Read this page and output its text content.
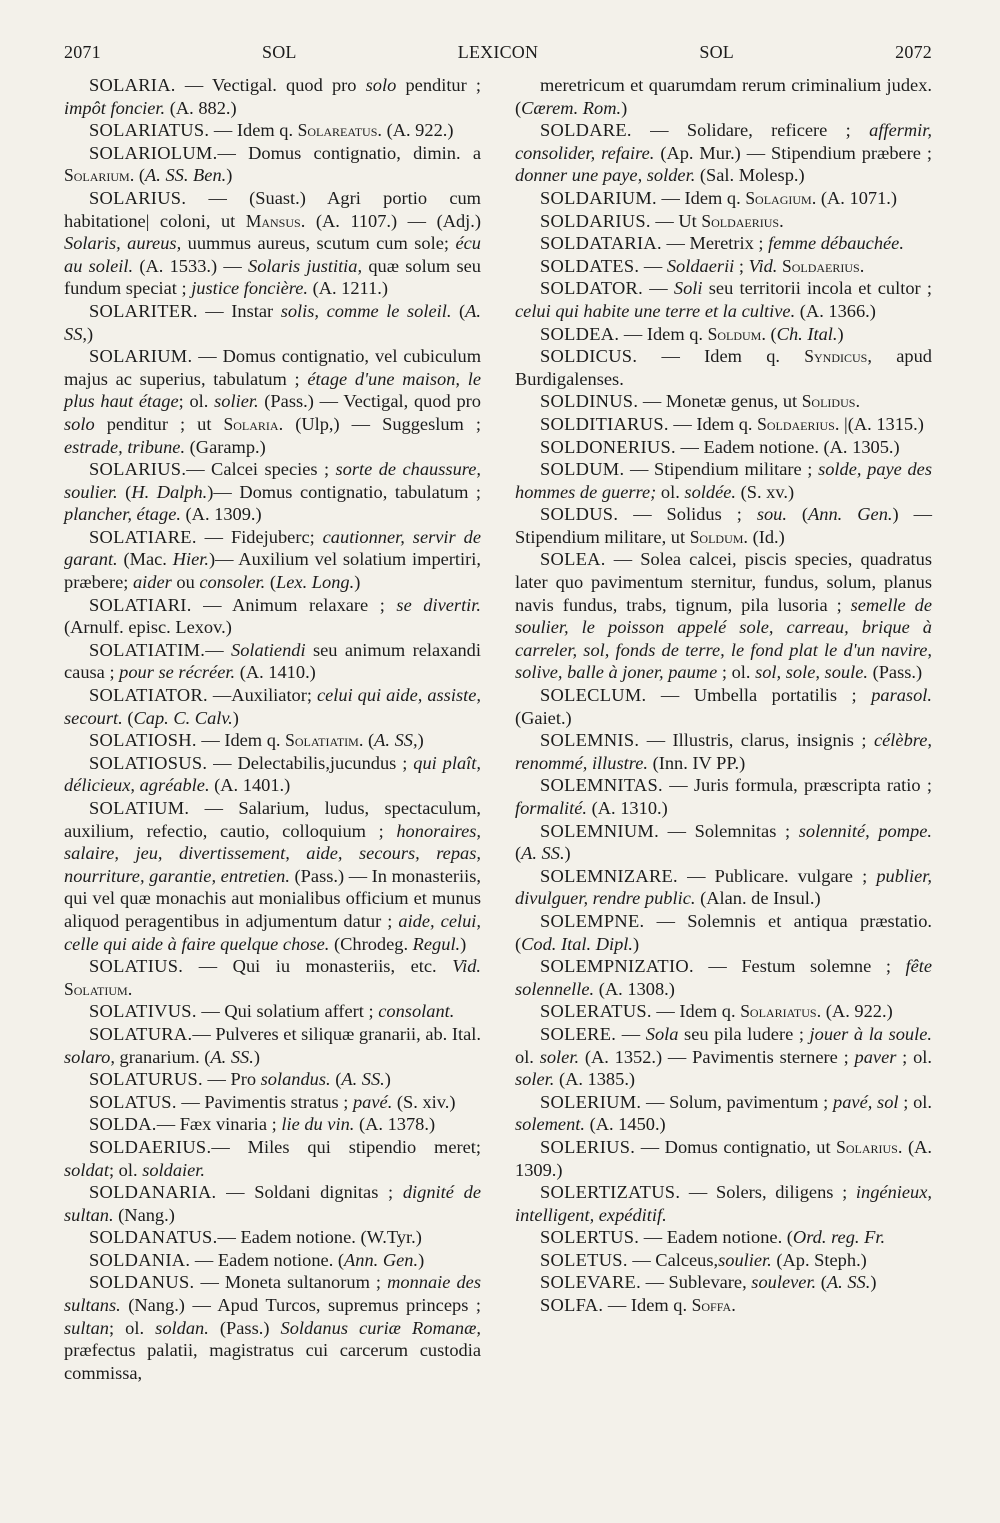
2071	SOL	LEXICON	SOL	2072

SOLARIA. — Vectigal. quod pro solo penditur ; impôt foncier. (A. 882.)

SOLARIATUS. — Idem q. Solareatus. (A. 922.)

SOLARIOLUM.— Domus contignatio, dimin. a Solarium. (A. SS. Ben.)

SOLARIUS. — (Suast.) Agri portio cum habitatione| coloni, ut Mansus. (A. 1107.) — (Adj.) Solaris, aureus, uummus aureus, scutum cum sole; écu au soleil. (A. 1533.) — Solaris justitia, quæ solum seu fundum speciat ; justice foncière. (A. 1211.)

SOLARITER. — Instar solis, comme le soleil. (A. SS,)

SOLARIUM. — Domus contignatio, vel cubiculum majus ac superius, tabulatum ; étage d'une maison, le plus haut étage; ol. solier. (Pass.) — Vectigal, quod pro solo penditur ; ut Solaria. (Ulp,) — Suggeslum ; estrade, tribune. (Garamp.)

SOLARIUS.— Calcei species ; sorte de chaussure, soulier. (H. Dalph.)— Domus contignatio, tabulatum ; plancher, étage. (A. 1309.)

SOLATIARE. — Fidejuberc; cautionner, servir de garant. (Mac. Hier.)— Auxilium vel solatium impertiri, præbere; aider ou consoler. (Lex. Long.)

SOLATIARI. — Animum relaxare ; se divertir. (Arnulf. episc. Lexov.)

SOLATIATIM.— Solatiendi seu animum relaxandi causa ; pour se récréer. (A. 1410.)

SOLATIATOR. —Auxiliator; celui qui aide, assiste, secourt. (Cap. C. Calv.)

SOLATIOSH. — Idem q. Solatiatim. (A. SS,)

SOLATIOSUS. — Delectabilis,jucundus ; qui plaît, délicieux, agréable. (A. 1401.)

SOLATIUM. — Salarium, ludus, spectaculum, auxilium, refectio, cautio, colloquium ; honoraires, salaire, jeu, divertissement, aide, secours, repas, nourriture, garantie, entretien. (Pass.) — In monasteriis, qui vel quæ monachis aut monialibus officium et munus aliquod peragentibus in adjumentum datur ; aide, celui, celle qui aide à faire quelque chose. (Chrodeg. Regul.)

SOLATIUS. — Qui iu monasteriis, etc. Vid. Solatium.

SOLATIVUS. — Qui solatium affert ; consolant.

SOLATURA.— Pulveres et siliquæ granarii, ab. Ital. solaro, granarium. (A. SS.)

SOLATURUS. — Pro solandus. (A. SS.)

SOLATUS. — Pavimentis stratus ; pavé. (S. xiv.)

SOLDA.— Fæx vinaria ; lie du vin. (A. 1378.)

SOLDAERIUS.— Miles qui stipendio meret; soldat; ol. soldaier.

SOLDANARIA. — Soldani dignitas ; dignité de sultan. (Nang.)

SOLDANATUS.— Eadem notione. (W.Tyr.)

SOLDANIA. — Eadem notione. (Ann. Gen.)

SOLDANUS. — Moneta sultanorum ; monnaie des sultans. (Nang.) — Apud Turcos, supremus princeps ; sultan; ol. soldan. (Pass.) Soldanus curiæ Romanæ, præfectus palatii, magistratus cui carcerum custodia commissa,

meretricum et quarumdam rerum criminalium judex. (Cærem. Rom.)

SOLDARE. — Solidare, reficere ; affermir, consolider, refaire. (Ap. Mur.) — Stipendium præbere ; donner une paye, solder. (Sal. Molesp.)

SOLDARIUM. — Idem q. Solagium. (A. 1071.)

SOLDARIUS. — Ut Soldaerius.

SOLDATARIA. — Meretrix ; femme débauchée.

SOLDATES. — Soldaerii ; Vid. Soldaerius.

SOLDATOR. — Soli seu territorii incola et cultor ; celui qui habite une terre et la cultive. (A. 1366.)

SOLDEA. — Idem q. Soldum. (Ch. Ital.)

SOLDICUS. — Idem q. Syndicus, apud Burdigalenses.

SOLDINUS. — Monetæ genus, ut Solidus.

SOLDITIARUS. — Idem q. Soldaerius. |(A. 1315.)

SOLDONERIUS. — Eadem notione. (A. 1305.)

SOLDUM. — Stipendium militare ; solde, paye des hommes de guerre; ol. soldée. (S. xv.)

SOLDUS. — Solidus ; sou. (Ann. Gen.) — Stipendium militare, ut Soldum. (Id.)

SOLEA. — Solea calcei, piscis species, quadratus later quo pavimentum sternitur, fundus, solum, planus navis fundus, trabs, tignum, pila lusoria ; semelle de soulier, le poisson appelé sole, carreau, brique à carreler, sol, fonds de terre, le fond plat le d'un navire, solive, balle à joner, paume ; ol. sol, sole, soule. (Pass.)

SOLECLUM. — Umbella portatilis ; parasol. (Gaiet.)

SOLEMNIS. — Illustris, clarus, insignis ; célèbre, renommé, illustre. (Inn. IV PP.)

SOLEMNITAS. — Juris formula, præscripta ratio ; formalité. (A. 1310.)

SOLEMNIUM. — Solemnitas ; solennité, pompe. (A. SS.)

SOLEMNIZARE. — Publicare. vulgare ; publier, divulguer, rendre public. (Alan. de Insul.)

SOLEMPNE. — Solemnis et antiqua præstatio. (Cod. Ital. Dipl.)

SOLEMPNIZATIO. — Festum solemne ; fête solennelle. (A. 1308.)

SOLERATUS. — Idem q. Solariatus. (A. 922.)

SOLERE. — Sola seu pila ludere ; jouer à la soule. ol. soler. (A. 1352.) — Pavimentis sternere ; paver ; ol. soler. (A. 1385.)

SOLERIUM. — Solum, pavimentum ; pavé, sol ; ol. solement. (A. 1450.)

SOLERIUS. — Domus contignatio, ut Solarius. (A. 1309.)

SOLERTIZATUS. — Solers, diligens ; ingénieux, intelligent, expéditif.

SOLERTUS. — Eadem notione. (Ord. reg. Fr.

SOLETUS. — Calceus,soulier. (Ap. Steph.)

SOLEVARE. — Sublevare, soulever. (A. SS.)

SOLFA. — Idem q. Soffa.
